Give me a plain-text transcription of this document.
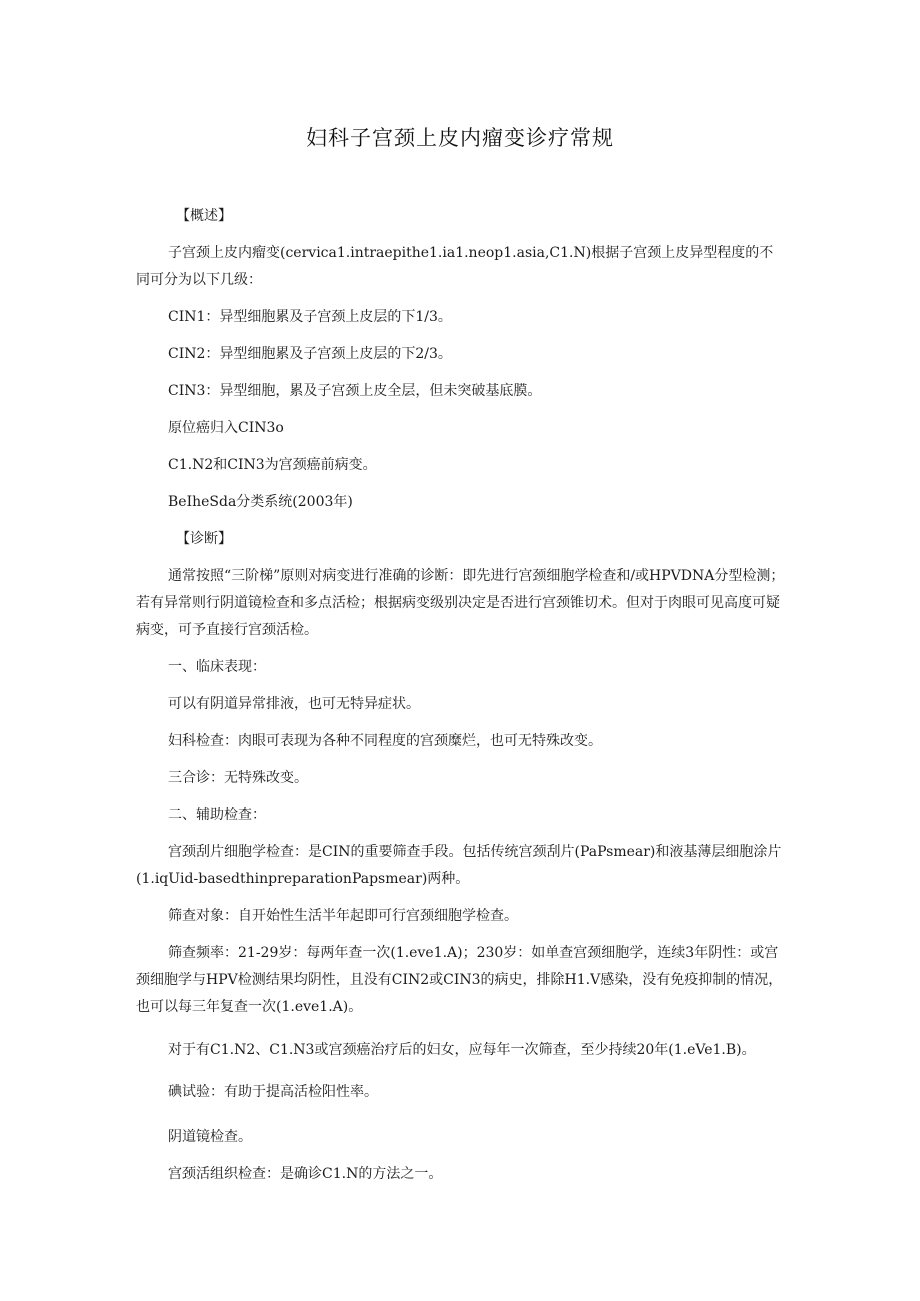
妇科子宫颈上皮内瘤变诊疗常规

【概述】

子宫颈上皮内瘤变(cervica1.intraepithe1.ia1.neop1.asia,C1.N)根据子宫颈上皮异型程度的不同可分为以下几级：

CIN1：异型细胞累及子宫颈上皮层的下1/3。

CIN2：异型细胞累及子宫颈上皮层的下2/3。

CIN3：异型细胞，累及子宫颈上皮全层，但未突破基底膜。

原位癌归入CIN3o

C1.N2和CIN3为宫颈癌前病变。

BeIheSda分类系统(2003年)

【诊断】

通常按照“三阶梯”原则对病变进行准确的诊断：即先进行宫颈细胞学检查和/或HPVDNA分型检测；若有异常则行阴道镜检查和多点活检；根据病变级别决定是否进行宫颈锥切术。但对于肉眼可见高度可疑病变，可予直接行宫颈活检。

一、临床表现：

可以有阴道异常排液，也可无特异症状。

妇科检查：肉眼可表现为各种不同程度的宫颈糜烂，也可无特殊改变。

三合诊：无特殊改变。

二、辅助检查：

宫颈刮片细胞学检查：是CIN的重要筛查手段。包括传统宫颈刮片(PaPsmear)和液基薄层细胞涂片(1.iqUid-basedthinpreparationPapsmear)两种。

筛查对象：自开始性生活半年起即可行宫颈细胞学检查。

筛查频率：21-29岁：每两年查一次(1.eve1.A)；230岁：如单查宫颈细胞学，连续3年阴性：或宫颈细胞学与HPV检测结果均阴性，且没有CIN2或CIN3的病史，排除H1.V感染，没有免疫抑制的情况，也可以每三年复查一次(1.eve1.A)。

对于有C1.N2、C1.N3或宫颈癌治疗后的妇女，应每年一次筛查，至少持续20年(1.eVe1.B)。

碘试验：有助于提高活检阳性率。

阴道镜检查。

宫颈活组织检查：是确诊C1.N的方法之一。
